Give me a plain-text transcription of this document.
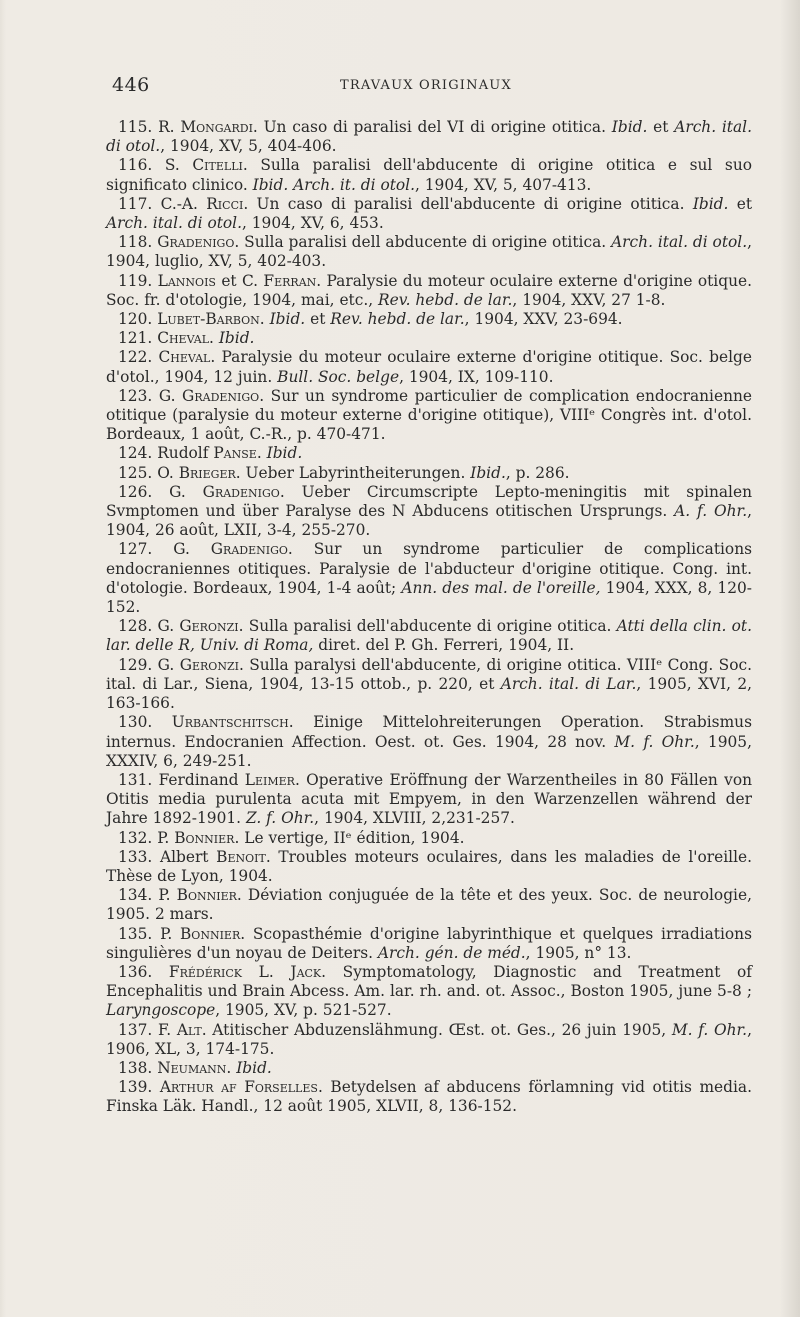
446	TRAVAUX ORIGINAUX

115. R. Mongardi. Un caso di paralisi del VI di origine otitica. Ibid. et Arch. ital. di otol., 1904, XV, 5, 404-406.

116. S. Citelli. Sulla paralisi dell'abducente di origine otitica e sul suo significato clinico. Ibid. Arch. it. di otol., 1904, XV, 5, 407-413.

117. C.-A. Ricci. Un caso di paralisi dell'abducente di origine otitica. Ibid. et Arch. ital. di otol., 1904, XV, 6, 453.

118. Gradenigo. Sulla paralisi dell abducente di origine otitica. Arch. ital. di otol., 1904, luglio, XV, 5, 402-403.

119. Lannois et C. Ferran. Paralysie du moteur oculaire externe d'origine otique. Soc. fr. d'otologie, 1904, mai, etc., Rev. hebd. de lar., 1904, XXV, 27 1-8.

120. Lubet-Barbon. Ibid. et Rev. hebd. de lar., 1904, XXV, 23-694.

121. Cheval. Ibid.

122. Cheval. Paralysie du moteur oculaire externe d'origine otitique. Soc. belge d'otol., 1904, 12 juin. Bull. Soc. belge, 1904, IX, 109-110.

123. G. Gradenigo. Sur un syndrome particulier de complication endocranienne otitique (paralysie du moteur externe d'origine otitique), VIIIᵉ Congrès int. d'otol. Bordeaux, 1 août, C.-R., p. 470-471.

124. Rudolf Panse. Ibid.

125. O. Brieger. Ueber Labyrintheiterungen. Ibid., p. 286.

126. G. Gradenigo. Ueber Circumscripte Lepto-meningitis mit spinalen Svmptomen und über Paralyse des N Abducens otitischen Ursprungs. A. f. Ohr., 1904, 26 août, LXII, 3-4, 255-270.

127. G. Gradenigo. Sur un syndrome particulier de complications endocraniennes otitiques. Paralysie de l'abducteur d'origine otitique. Cong. int. d'otologie. Bordeaux, 1904, 1-4 août; Ann. des mal. de l'oreille, 1904, XXX, 8, 120-152.

128. G. Geronzi. Sulla paralisi dell'abducente di origine otitica. Atti della clin. ot. lar. delle R, Univ. di Roma, diret. del P. Gh. Ferreri, 1904, II.

129. G. Geronzi. Sulla paralysi dell'abducente, di origine otitica. VIIIᵉ Cong. Soc. ital. di Lar., Siena, 1904, 13-15 ottob., p. 220, et Arch. ital. di Lar., 1905, XVI, 2, 163-166.

130. Urbantschitsch. Einige Mittelohreiterungen Operation. Strabismus internus. Endocranien Affection. Oest. ot. Ges. 1904, 28 nov. M. f. Ohr., 1905, XXXIV, 6, 249-251.

131. Ferdinand Leimer. Operative Eröffnung der Warzentheiles in 80 Fällen von Otitis media purulenta acuta mit Empyem, in den Warzenzellen während der Jahre 1892-1901. Z. f. Ohr., 1904, XLVIII, 2,231-257.

132. P. Bonnier. Le vertige, IIᵉ édition, 1904.

133. Albert Benoit. Troubles moteurs oculaires, dans les maladies de l'oreille. Thèse de Lyon, 1904.

134. P. Bonnier. Déviation conjuguée de la tête et des yeux. Soc. de neurologie, 1905. 2 mars.

135. P. Bonnier. Scopasthémie d'origine labyrinthique et quelques irradiations singulières d'un noyau de Deiters. Arch. gén. de méd., 1905, n° 13.

136. Frédérick L. Jack. Symptomatology, Diagnostic and Treatment of Encephalitis und Brain Abcess. Am. lar. rh. and. ot. Assoc., Boston 1905, june 5-8 ; Laryngoscope, 1905, XV, p. 521-527.

137. F. Alt. Atitischer Abduzenslähmung. Œst. ot. Ges., 26 juin 1905, M. f. Ohr., 1906, XL, 3, 174-175.

138. Neumann. Ibid.

139. Arthur af Forselles. Betydelsen af abducens förlamning vid otitis media. Finska Läk. Handl., 12 août 1905, XLVII, 8, 136-152.
